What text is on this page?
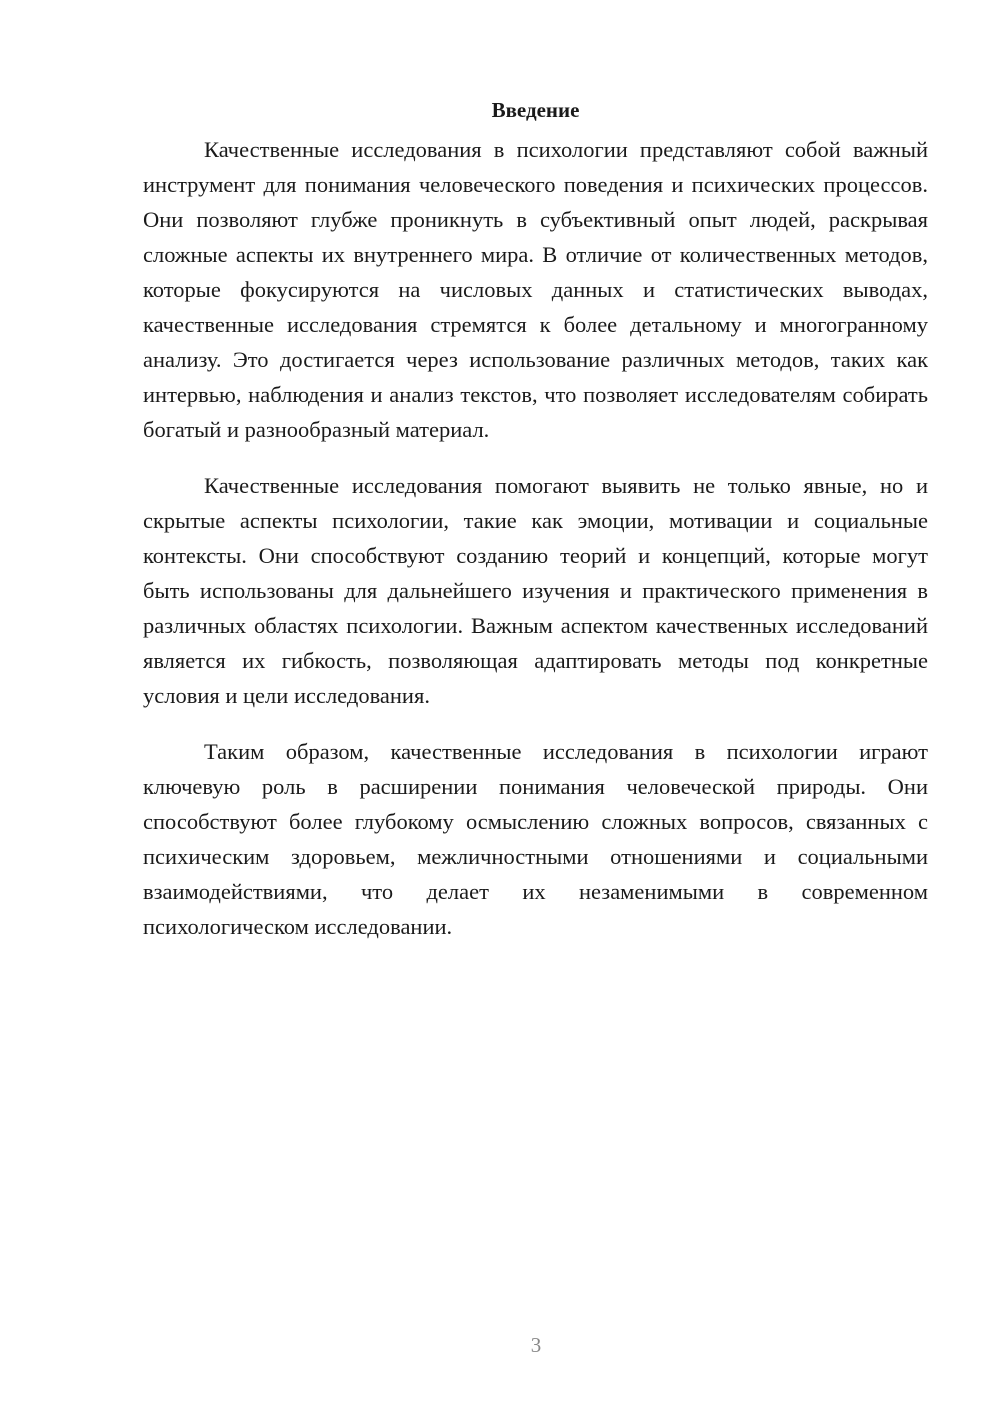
Введение

Качественные исследования в психологии представляют собой важный инструмент для понимания человеческого поведения и психических процессов. Они позволяют глубже проникнуть в субъективный опыт людей, раскрывая сложные аспекты их внутреннего мира. В отличие от количественных методов, которые фокусируются на числовых данных и статистических выводах, качественные исследования стремятся к более детальному и многогранному анализу. Это достигается через использование различных методов, таких как интервью, наблюдения и анализ текстов, что позволяет исследователям собирать богатый и разнообразный материал.

Качественные исследования помогают выявить не только явные, но и скрытые аспекты психологии, такие как эмоции, мотивации и социальные контексты. Они способствуют созданию теорий и концепций, которые могут быть использованы для дальнейшего изучения и практического применения в различных областях психологии. Важным аспектом качественных исследований является их гибкость, позволяющая адаптировать методы под конкретные условия и цели исследования.

Таким образом, качественные исследования в психологии играют ключевую роль в расширении понимания человеческой природы. Они способствуют более глубокому осмыслению сложных вопросов, связанных с психическим здоровьем, межличностными отношениями и социальными взаимодействиями, что делает их незаменимыми в современном психологическом исследовании.

3
